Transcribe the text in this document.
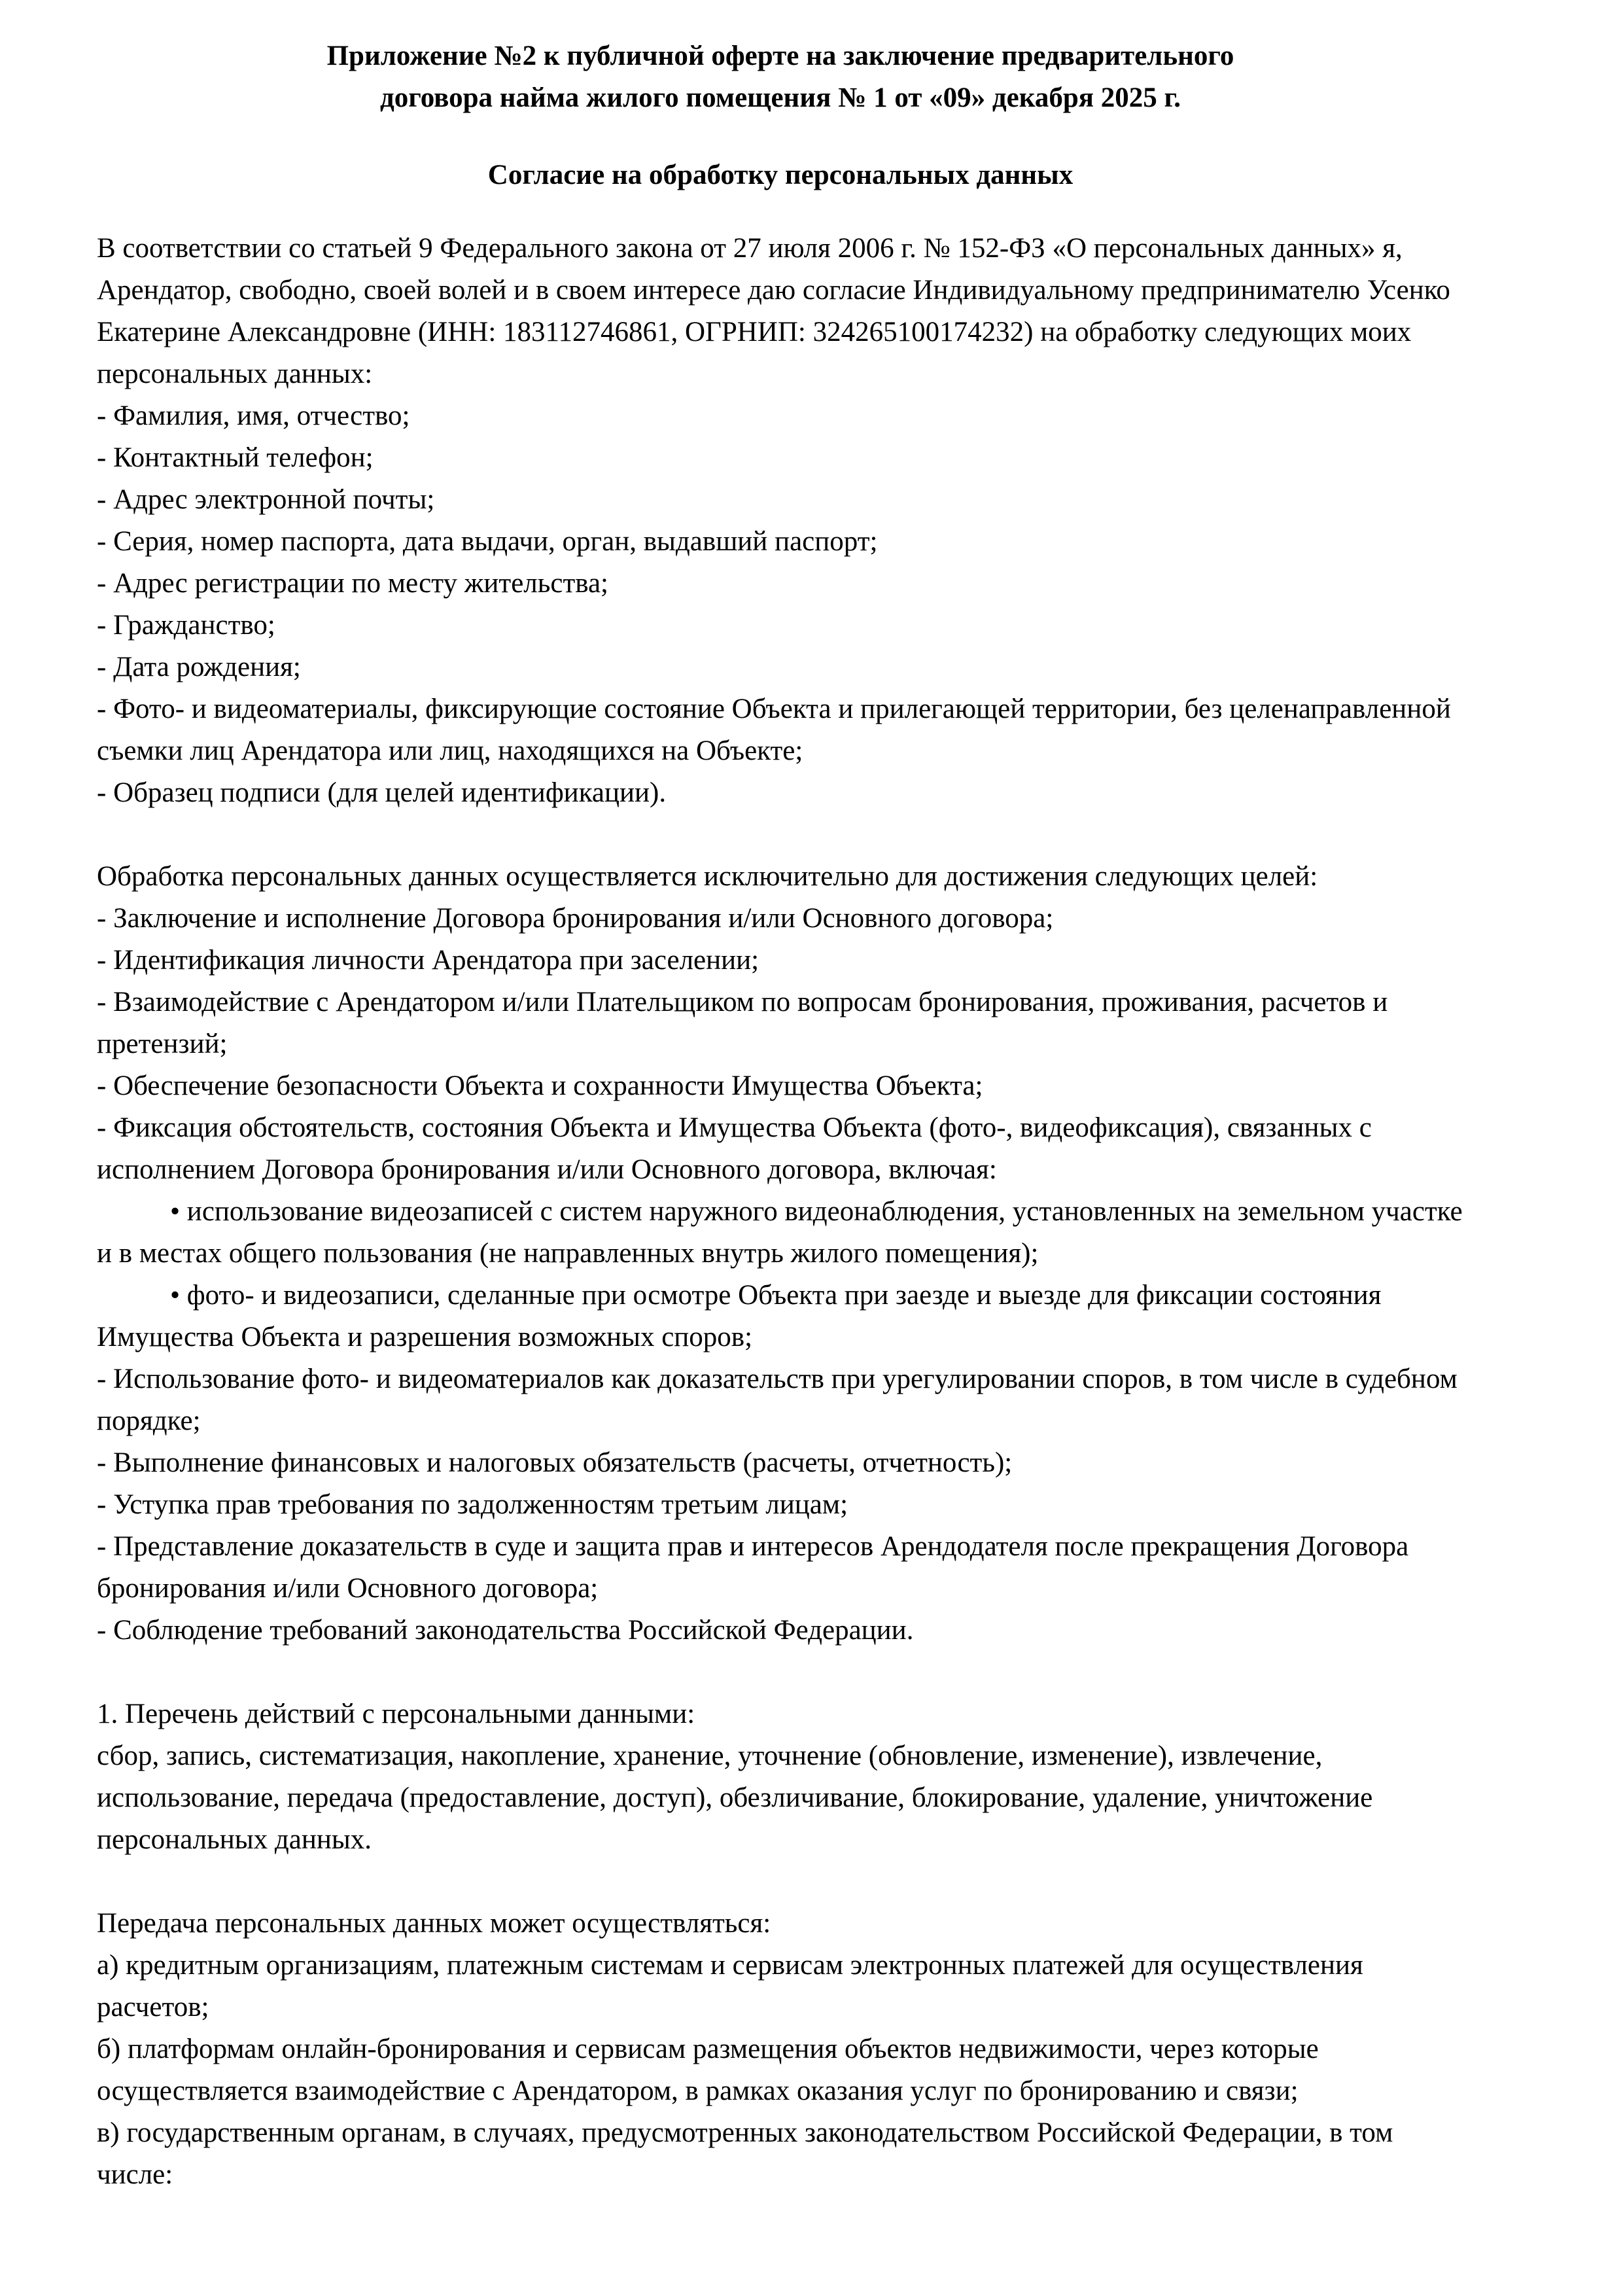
Приложение №2 к публичной оферте на заключение предварительного
договора найма жилого помещения № 1 от «09» декабря 2025 г.
Согласие на обработку персональных данных

В соответствии со статьей 9 Федерального закона от 27 июля 2006 г. № 152-ФЗ «О персональных данных» я, Арендатор, свободно, своей волей и в своем интересе даю согласие Индивидуальному предпринимателю Усенко Екатерине Александровне (ИНН: 183112746861, ОГРНИП: 324265100174232) на обработку следующих моих персональных данных:

- Фамилия, имя, отчество;

- Контактный телефон;

- Адрес электронной почты;

- Серия, номер паспорта, дата выдачи, орган, выдавший паспорт;

- Адрес регистрации по месту жительства;

- Гражданство;

- Дата рождения;

- Фото- и видеоматериалы, фиксирующие состояние Объекта и прилегающей территории, без целенаправленной съемки лиц Арендатора или лиц, находящихся на Объекте;

- Образец подписи (для целей идентификации).

Обработка персональных данных осуществляется исключительно для достижения следующих целей:

- Заключение и исполнение Договора бронирования и/или Основного договора;

- Идентификация личности Арендатора при заселении;

- Взаимодействие с Арендатором и/или Плательщиком по вопросам бронирования, проживания, расчетов и претензий;

- Обеспечение безопасности Объекта и сохранности Имущества Объекта;

- Фиксация обстоятельств, состояния Объекта и Имущества Объекта (фото-, видеофиксация), связанных с исполнением Договора бронирования и/или Основного договора, включая:

• использование видеозаписей с систем наружного видеонаблюдения, установленных на земельном участке и в местах общего пользования (не направленных внутрь жилого помещения);

• фото- и видеозаписи, сделанные при осмотре Объекта при заезде и выезде для фиксации состояния Имущества Объекта и разрешения возможных споров;

- Использование фото- и видеоматериалов как доказательств при урегулировании споров, в том числе в судебном порядке;

- Выполнение финансовых и налоговых обязательств (расчеты, отчетность);

- Уступка прав требования по задолженностям третьим лицам;

- Представление доказательств в суде и защита прав и интересов Арендодателя после прекращения Договора бронирования и/или Основного договора;

- Соблюдение требований законодательства Российской Федерации.

1. Перечень действий с персональными данными:

сбор, запись, систематизация, накопление, хранение, уточнение (обновление, изменение), извлечение, использование, передача (предоставление, доступ), обезличивание, блокирование, удаление, уничтожение персональных данных.

Передача персональных данных может осуществляться:

а) кредитным организациям, платежным системам и сервисам электронных платежей для осуществления расчетов;

б) платформам онлайн-бронирования и сервисам размещения объектов недвижимости, через которые осуществляется взаимодействие с Арендатором, в рамках оказания услуг по бронированию и связи;

в) государственным органам, в случаях, предусмотренных законодательством Российской Федерации, в том числе:
